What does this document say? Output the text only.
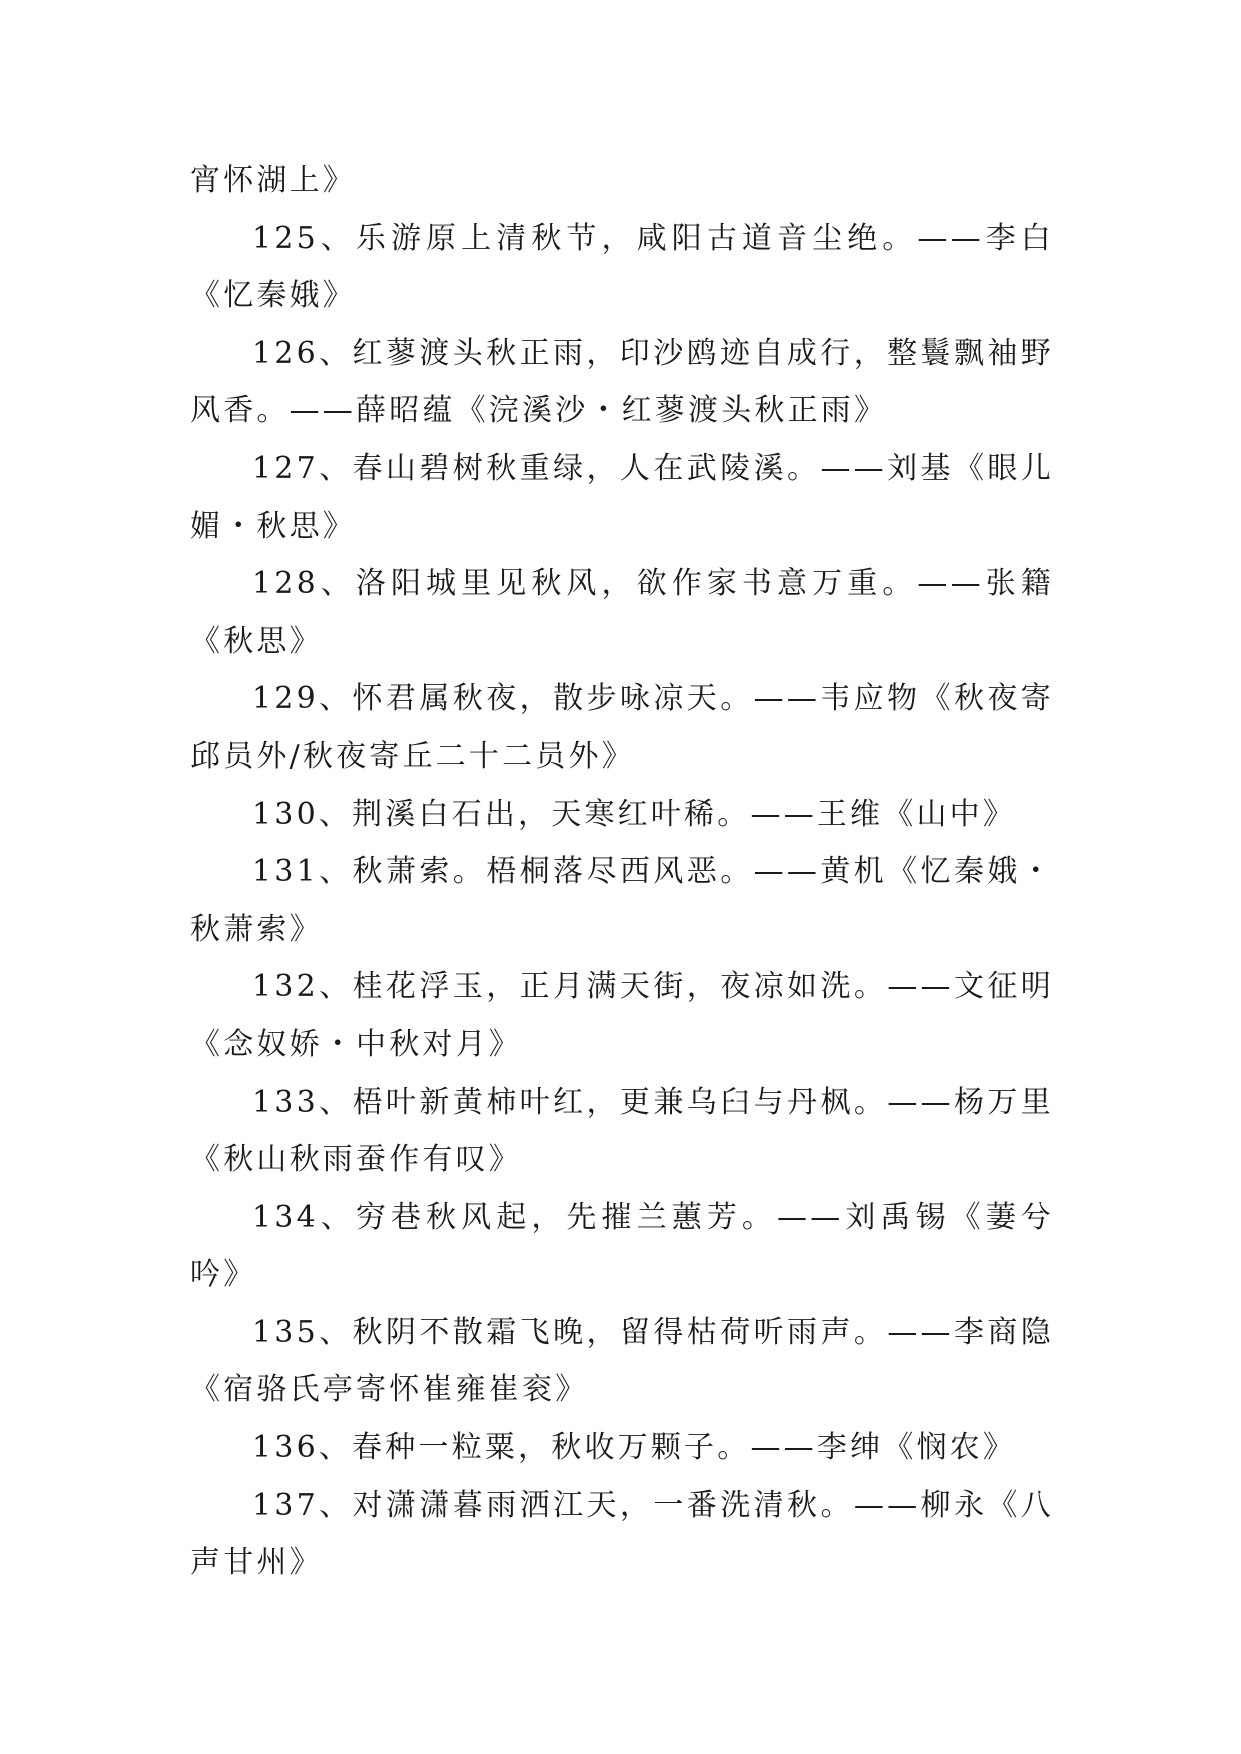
宵怀湖上》

125、乐游原上清秋节，咸阳古道音尘绝。——李白《忆秦娥》

126、红蓼渡头秋正雨，印沙鸥迹自成行，整鬟飘袖野风香。——薛昭蕴《浣溪沙・红蓼渡头秋正雨》

127、春山碧树秋重绿，人在武陵溪。——刘基《眼儿媚・秋思》

128、洛阳城里见秋风，欲作家书意万重。——张籍《秋思》

129、怀君属秋夜，散步咏凉天。——韦应物《秋夜寄邱员外/秋夜寄丘二十二员外》

130、荆溪白石出，天寒红叶稀。——王维《山中》

131、秋萧索。梧桐落尽西风恶。——黄机《忆秦娥・秋萧索》

132、桂花浮玉，正月满天街，夜凉如洗。——文征明《念奴娇・中秋对月》

133、梧叶新黄柿叶红，更兼乌臼与丹枫。——杨万里《秋山秋雨蚕作有叹》

134、穷巷秋风起，先摧兰蕙芳。——刘禹锡《萋兮吟》

135、秋阴不散霜飞晚，留得枯荷听雨声。——李商隐《宿骆氏亭寄怀崔雍崔衮》

136、春种一粒粟，秋收万颗子。——李绅《悯农》

137、对潇潇暮雨洒江天，一番洗清秋。——柳永《八声甘州》
